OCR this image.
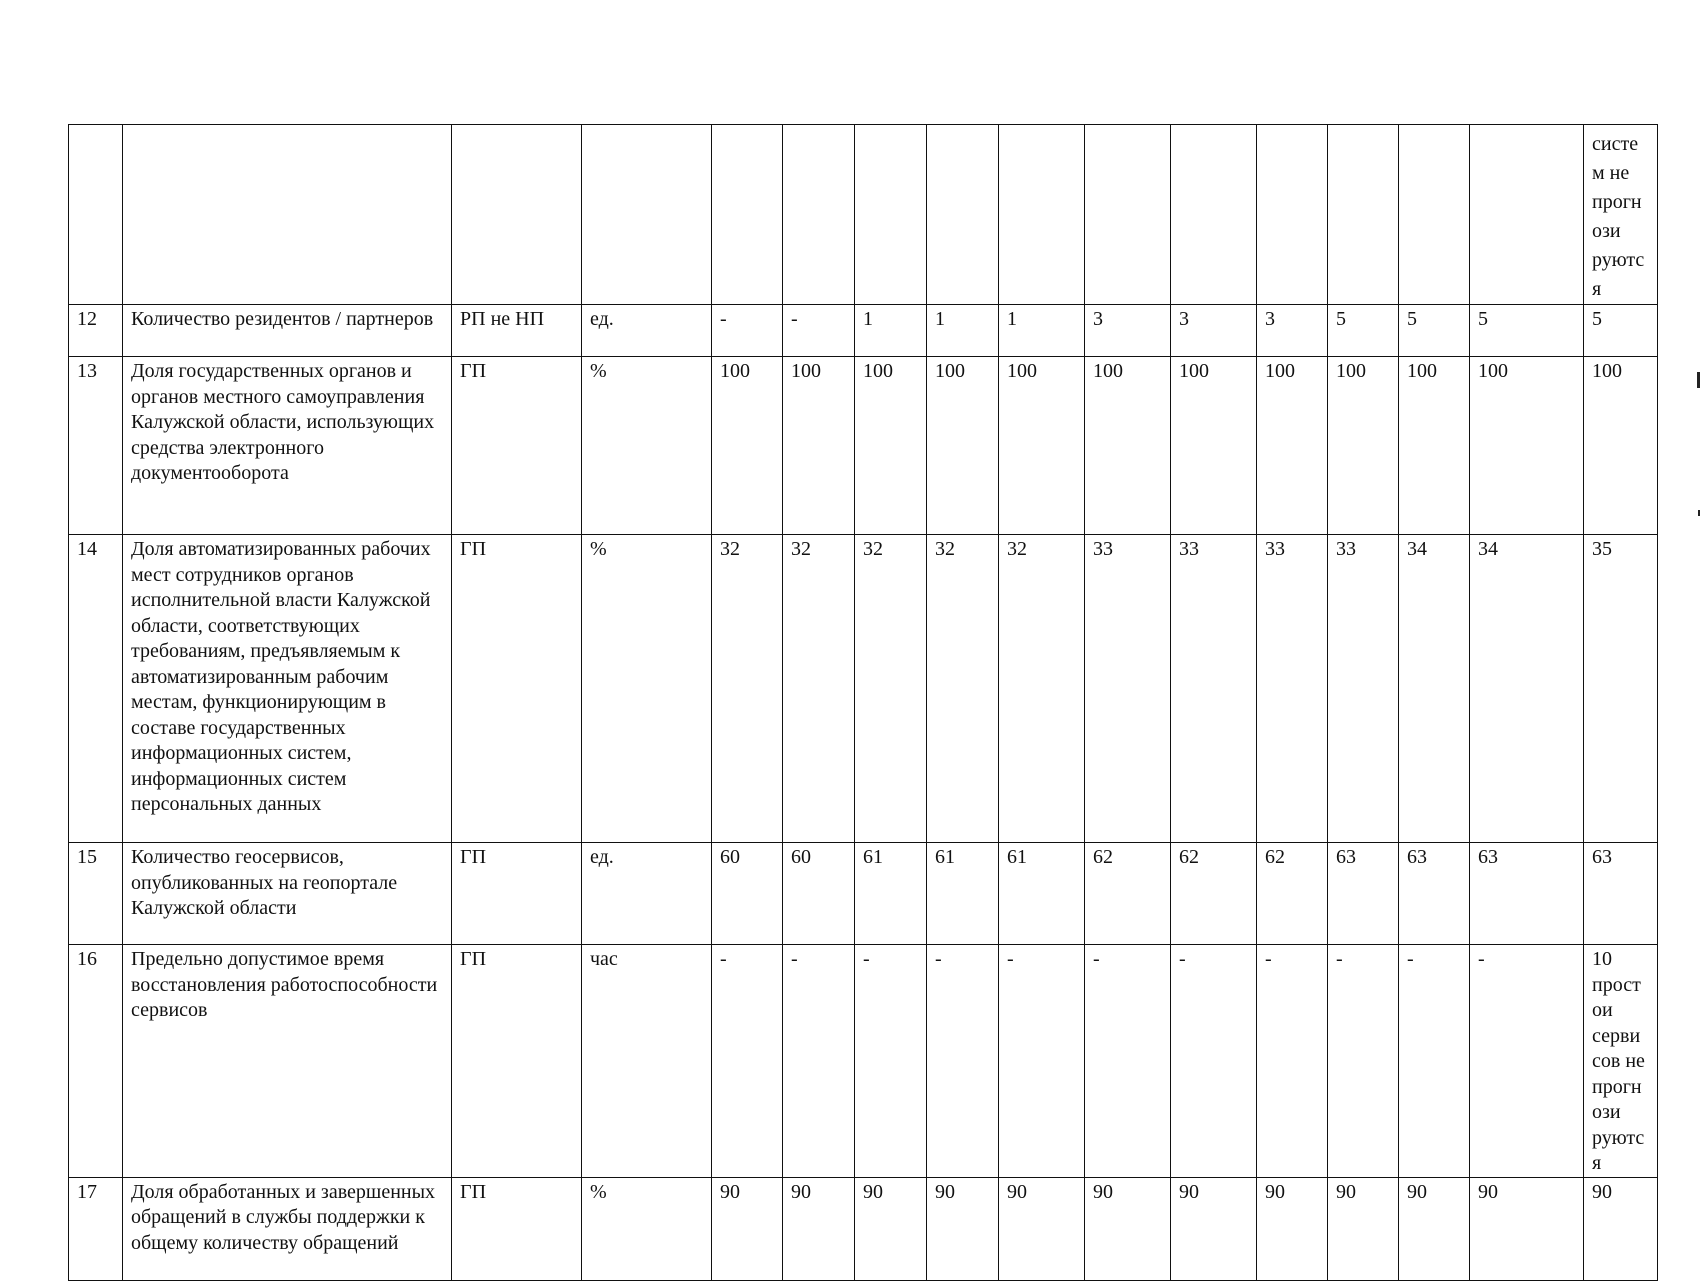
															систем не прогнози руются
12	Количество резидентов / партнеров	РП не НП	ед.	-	-	1	1	1	3	3	3	5	5	5	5
13	Доля государственных органов и органов местного самоуправления Калужской области, использующих средства электронного документооборота	ГП	%	100	100	100	100	100	100	100	100	100	100	100	100
14	Доля автоматизированных рабочих мест сотрудников органов исполнительной власти Калужской области, соответствующих требованиям, предъявляемым к автоматизированным рабочим местам, функционирующим в составе государственных информационных систем, информационных систем персональных данных	ГП	%	32	32	32	32	32	33	33	33	33	34	34	35
15	Количество геосервисов, опубликованных на геопортале Калужской области	ГП	ед.	60	60	61	61	61	62	62	62	63	63	63	63
16	Предельно допустимое время восстановления работоспособности сервисов	ГП	час	-	-	-	-	-	-	-	-	-	-	-	10 простои сервисов не прогнози руются
17	Доля обработанных и завершенных обращений в службы поддержки к общему количеству обращений	ГП	%	90	90	90	90	90	90	90	90	90	90	90	90
